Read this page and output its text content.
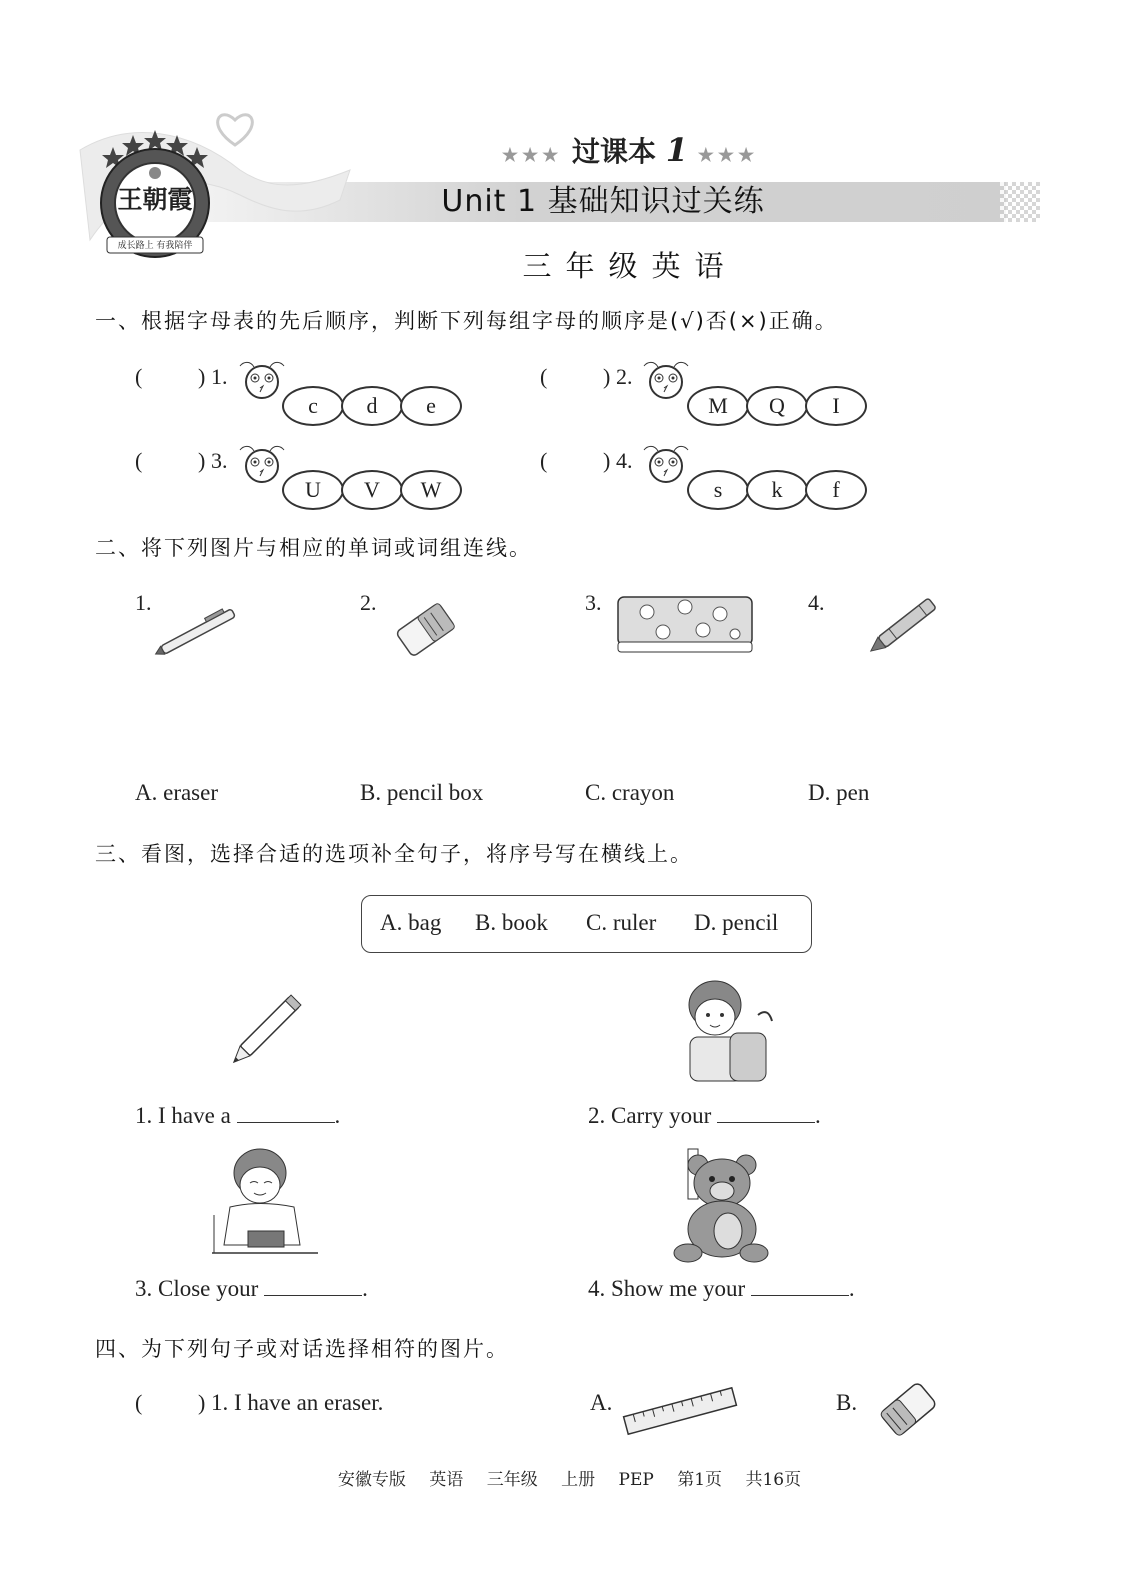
王朝霞
成长路上 有我陪伴
★★★ 过课本 1 ★★★
Unit 1 基础知识过关练
三年级英语
一、根据字母表的先后顺序，判断下列每组字母的顺序是(√)否(×)正确。
(	) 1.
c	d	e
(	) 2.
M	Q	I
(	) 3.
U	V	W
(	) 4.
s	k	f
二、将下列图片与相应的单词或词组连线。
1.	2.	3.	4.
A. eraser	B. pencil box	C. crayon	D. pen
三、看图，选择合适的选项补全句子，将序号写在横线上。
A. bag B. book C. ruler D. pencil
1. I have a	.	2. Carry your	.
3. Close your	.	4. Show me your	.
四、为下列句子或对话选择相符的图片。
(	) 1. I have an eraser.	A.	B.
安徽专版 英语 三年级 上册 PEP 第1页 共16页
